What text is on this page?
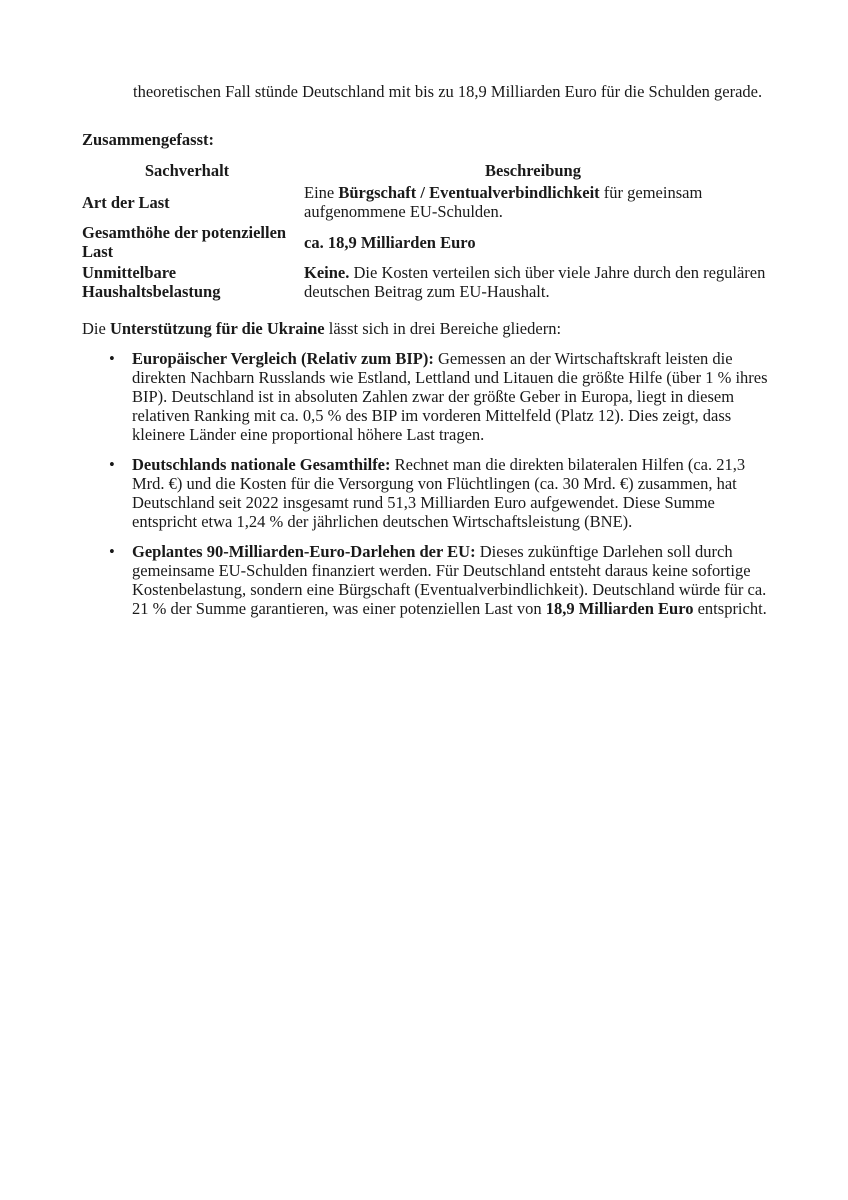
theoretischen Fall stünde Deutschland mit bis zu 18,9 Milliarden Euro für die Schulden gerade.
Zusammengefasst:
Sachverhalt	Beschreibung
Art der Last	Eine Bürgschaft / Eventualverbindlichkeit für gemeinsam aufgenommene EU-Schulden.
Gesamthöhe der potenziellen Last	ca. 18,9 Milliarden Euro
Unmittelbare Haushaltsbelastung	Keine. Die Kosten verteilen sich über viele Jahre durch den regulären deutschen Beitrag zum EU-Haushalt.
Die Unterstützung für die Ukraine lässt sich in drei Bereiche gliedern:
• Europäischer Vergleich (Relativ zum BIP): Gemessen an der Wirtschaftskraft leisten die direkten Nachbarn Russlands wie Estland, Lettland und Litauen die größte Hilfe (über 1 % ihres BIP). Deutschland ist in absoluten Zahlen zwar der größte Geber in Europa, liegt in diesem relativen Ranking mit ca. 0,5 % des BIP im vorderen Mittelfeld (Platz 12). Dies zeigt, dass kleinere Länder eine proportional höhere Last tragen.
• Deutschlands nationale Gesamthilfe: Rechnet man die direkten bilateralen Hilfen (ca. 21,3 Mrd. €) und die Kosten für die Versorgung von Flüchtlingen (ca. 30 Mrd. €) zusammen, hat Deutschland seit 2022 insgesamt rund 51,3 Milliarden Euro aufgewendet. Diese Summe entspricht etwa 1,24 % der jährlichen deutschen Wirtschaftsleistung (BNE).
• Geplantes 90-Milliarden-Euro-Darlehen der EU: Dieses zukünftige Darlehen soll durch gemeinsame EU-Schulden finanziert werden. Für Deutschland entsteht daraus keine sofortige Kostenbelastung, sondern eine Bürgschaft (Eventualverbindlichkeit). Deutschland würde für ca. 21 % der Summe garantieren, was einer potenziellen Last von 18,9 Milliarden Euro entspricht.
